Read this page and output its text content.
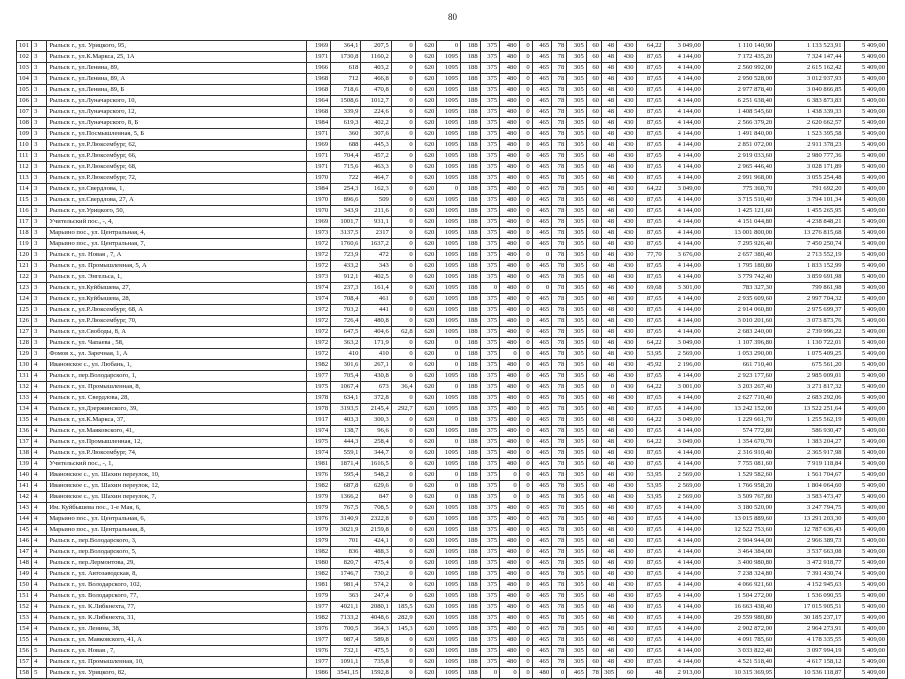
80
101	3	Рыльск г., ул. Урицкого, 95,	1969	364,1	207,5	0	620	0	188	375	480	0	465	78	305	60	48	430	64,22	3 049,00	1 110 140,90	1 133 523,91	5 409,00
102	3	Рыльск г., ул.К.Маркса, 25, 1А	1971	1730,8	1160,2	0	620	1095	188	375	480	0	465	78	305	60	48	430	87,65	4 144,00	7 172 435,20	7 324 147,44	5 409,00
103	3	Рыльск г., ул.Ленина, 89,	1966	618	403,2	0	620	1095	188	375	480	0	465	78	305	60	48	430	87,65	4 144,00	2 560 992,00	2 615 162,42	5 409,00
104	3	Рыльск г., ул.Ленина, 89, А	1968	712	466,8	0	620	1095	188	375	480	0	465	78	305	60	48	430	87,65	4 144,00	2 950 528,00	3 012 937,93	5 409,00
105	3	Рыльск г., ул.Ленина, 89, Б	1968	718,6	470,8	0	620	1095	188	375	480	0	465	78	305	60	48	430	87,65	4 144,00	2 977 878,40	3 040 866,85	5 409,00
106	3	Рыльск г., ул.Луначарского, 10,	1964	1508,6	1012,7	0	620	1095	188	375	480	0	465	78	305	60	48	430	87,65	4 144,00	6 251 638,40	6 383 873,83	5 409,00
107	3	Рыльск г., ул.Луначарского, 12,	1968	339,9	224,6	0	620	1095	188	375	480	0	465	78	305	60	48	430	87,65	4 144,00	1 408 545,60	1 438 339,33	5 409,00
108	3	Рыльск г., ул.Луначарского, 8, Б	1984	619,3	402,2	0	620	1095	188	375	480	0	465	78	305	60	48	430	87,65	4 144,00	2 566 379,20	2 620 662,57	5 409,00
109	3	Рыльск г., ул.Посмышленная, 5, Б	1971	360	307,6	0	620	1095	188	375	480	0	465	78	305	60	48	430	87,65	4 144,00	1 491 840,00	1 523 395,58	5 409,00
110	3	Рыльск г., ул.Р.Люксембург, 62,	1969	688	445,3	0	620	1095	188	375	480	0	465	78	305	60	48	430	87,65	4 144,00	2 851 072,00	2 911 378,23	5 409,00
111	3	Рыльск г., ул.Р.Люксембург, 66,	1971	704,4	457,2	0	620	1095	188	375	480	0	465	78	305	60	48	430	87,65	4 144,00	2 919 033,60	2 980 777,36	5 409,00
112	3	Рыльск г., ул.Р.Люксембург, 68,	1971	715,6	463,3	0	620	1095	188	375	480	0	465	78	305	60	48	430	87,65	4 144,00	2 965 446,40	3 028 171,89	5 409,00
113	3	Рыльск г., ул.Р.Люксембург, 72,	1970	722	464,7	0	620	1095	188	375	480	0	465	78	305	60	48	430	87,65	4 144,00	2 991 968,00	3 055 254,48	5 409,00
114	3	Рыльск г., ул.Свердлова, 1,	1984	254,3	162,3	0	620	0	188	375	480	0	465	78	305	60	48	430	64,22	3 049,00	775 360,70	791 692,20	5 409,00
115	3	Рыльск г., ул.Свердлова, 27, А	1970	896,6	509	0	620	1095	188	375	480	0	465	78	305	60	48	430	87,65	4 144,00	3 715 510,40	3 794 101,34	5 409,00
116	3	Рыльск г., ул.Урицкого, 50,	1970	343,9	211,6	0	620	1095	188	375	480	0	465	78	305	60	48	430	87,65	4 144,00	1 425 121,60	1 455 265,95	5 409,00
117	3	Учительский пос., -, 4,	1969	1001,7	931,1	0	620	1095	188	375	480	0	465	78	305	60	48	430	87,65	4 144,00	4 151 044,80	4 238 848,21	5 409,00
118	3	Марьино пос., ул. Центральная, 4,	1973	3137,5	2317	0	620	1095	188	375	480	0	465	78	305	60	48	430	87,65	4 144,00	13 001 800,00	13 276 815,68	5 409,00
119	3	Марьино пос., ул. Центральная, 7,	1972	1760,6	1637,2	0	620	1095	188	375	480	0	465	78	305	60	48	430	87,65	4 144,00	7 295 926,40	7 450 250,74	5 409,00
120	3	Рыльск г., ул. Новая , 7, А	1972	723,9	472	0	620	1095	188	375	480	0	0	78	305	60	48	430	77,70	3 676,00	2 657 380,40	2 713 552,19	5 409,00
121	3	Рыльск г., ул. Промышленная, 5, А	1972	433,2	343	0	620	1095	188	375	480	0	465	78	305	60	48	430	87,65	4 144,00	1 795 180,80	1 833 152,99	5 409,00
122	3	Рыльск г., ул. Энгельса, 1,	1973	912,1	402,5	0	620	1095	188	375	480	0	465	78	305	60	48	430	87,65	4 144,00	3 779 742,40	3 859 691,98	5 409,00
123	3	Рыльск г., ул.Куйбышева, 27,	1974	237,3	161,4	0	620	1095	188	0	480	0	0	78	305	60	48	430	69,68	3 301,00	783 327,30	799 861,98	5 409,00
124	3	Рыльск г., ул.Куйбышева, 28,	1974	708,4	461	0	620	1095	188	375	480	0	465	78	305	60	48	430	87,65	4 144,00	2 935 609,60	2 997 704,32	5 409,00
125	3	Рыльск г., ул.Р.Люксембург, 68, А	1972	703,2	441	0	620	1095	188	375	480	0	465	78	305	60	48	430	87,65	4 144,00	2 914 060,80	2 975 699,37	5 409,00
126	3	Рыльск г., ул.Р.Люксембург, 70,	1972	726,4	480,8	0	620	1095	188	375	480	0	465	78	305	60	48	430	87,65	4 144,00	3 010 201,60	3 073 873,76	5 409,00
127	3	Рыльск г., ул.Свободы, 8, А	1972	647,5	404,6	62,8	620	1095	188	375	480	0	465	78	305	60	48	430	87,65	4 144,00	2 683 240,00	2 739 996,22	5 409,00
128	3	Рыльск г., ул. Чапаева , 58,	1972	363,2	171,9	0	620	0	188	375	480	0	465	78	305	60	48	430	64,22	3 049,00	1 107 396,80	1 130 722,01	5 409,00
129	3	Фомов х., ул. Заречная, 1, А	1972	410	410	0	620	0	188	375	0	0	465	78	305	60	48	430	53,95	2 569,00	1 053 290,00	1 075 409,25	5 409,00
130	4	Ивановское с., ул. Любань, 1,	1982	301,6	267,1	0	620	0	188	375	480	0	465	78	305	60	48	430	45,92	2 196,00	661 710,40	675 561,20	5 409,00
131	4	Рыльск г., пер.Володарского, 1,	1977	705,4	430,8	0	620	1095	188	375	480	0	465	78	305	60	48	430	87,65	4 144,00	2 923 177,60	2 985 009,01	5 409,00
132	4	Рыльск г., ул. Промышленная, 8,	1975	1067,4	673	36,4	620	0	188	375	480	0	465	78	305	60	0	430	64,22	3 001,00	3 203 267,40	3 271 817,32	5 409,00
133	4	Рыльск г., ул. Свердлова, 28,	1978	634,1	372,8	0	620	1095	188	375	480	0	465	78	305	60	48	430	87,65	4 144,00	2 627 710,40	2 683 292,06	5 409,00
134	4	Рыльск г., ул.Дзержинского, 39,	1978	3193,5	2145,4	292,7	620	1095	188	375	480	0	465	78	305	60	48	430	87,65	4 144,00	13 242 152,00	13 522 251,64	5 409,00
135	4	Рыльск г., ул.К.Маркса, 37,	1917	403,3	300,3	0	620	0	188	375	480	0	465	78	305	60	48	430	64,22	3 049,00	1 229 661,70	1 255 562,19	5 409,00
136	4	Рыльск г., ул.Маяковского, 41,	1974	138,7	96,6	0	620	1095	188	375	480	0	465	78	305	60	48	430	87,65	4 144,00	574 772,80	586 930,47	5 409,00
137	4	Рыльск г., ул.Промышленная, 12,	1975	444,3	258,4	0	620	0	188	375	480	0	465	78	305	60	48	430	64,22	3 049,00	1 354 670,70	1 383 204,27	5 409,00
138	4	Рыльск г., ул.Р.Люксембург, 74,	1974	559,1	344,7	0	620	1095	188	375	480	0	465	78	305	60	48	430	87,65	4 144,00	2 316 910,40	2 365 917,98	5 409,00
139	4	Учительский пос., -, 1,	1981	1871,4	1616,5	0	620	1095	188	375	480	0	465	78	305	60	48	430	87,65	4 144,00	7 755 081,60	7 919 118,84	5 409,00
140	4	Ивановское с., ул. Шахин переулок, 10,	1976	595,4	548,2	0	620	0	188	375	0	0	465	78	305	60	48	430	53,95	2 569,00	1 529 582,60	1 561 704,67	5 409,00
141	4	Ивановское с., ул. Шахин переулок, 12,	1982	687,8	629,6	0	620	0	188	375	0	0	465	78	305	60	48	430	53,95	2 569,00	1 766 958,20	1 804 064,60	5 409,00
142	4	Ивановское с., ул. Шахин переулок, 7,	1979	1366,2	847	0	620	0	188	375	0	0	465	78	305	60	48	430	53,95	2 569,00	3 509 767,80	3 583 473,47	5 409,00
143	4	Им. Куйбышева пос., 1-е Мая, 6,	1979	767,5	708,5	0	620	1095	188	375	480	0	465	78	305	60	48	430	87,65	4 144,00	3 180 520,00	3 247 794,75	5 409,00
144	4	Марьино пос., ул. Центральная, 6,	1976	3140,9	2322,8	0	620	1095	188	375	480	0	465	78	305	60	48	430	87,65	4 144,00	13 015 889,60	13 291 203,30	5 409,00
145	4	Марьино пос., ул. Центральная, 8,	1979	3021,9	2159,8	0	620	1095	188	375	480	0	465	78	305	60	48	430	87,65	4 144,00	12 522 753,60	12 787 636,43	5 409,00
146	4	Рыльск г., пер.Володарского, 3,	1979	701	424,1	0	620	1095	188	375	480	0	465	78	305	60	48	430	87,65	4 144,00	2 904 944,00	2 966 389,73	5 409,00
147	4	Рыльск г., пер.Володарского, 5,	1982	836	488,3	0	620	1095	188	375	480	0	465	78	305	60	48	430	87,65	4 144,00	3 464 384,00	3 537 663,08	5 409,00
148	4	Рыльск г., пер.Лермонтова, 29,	1980	820,7	475,4	0	620	1095	188	375	480	0	465	78	305	60	48	430	87,65	4 144,00	3 400 980,80	3 472 918,77	5 409,00
149	4	Рыльск г., ул. Автозаводская, 8,	1982	1746,7	730,2	0	620	1095	188	375	480	0	465	78	305	60	48	430	87,65	4 144,00	7 238 324,80	7 391 430,74	5 409,00
150	4	Рыльск г., ул. Володарского, 102,	1981	981,4	574,2	0	620	1095	188	375	480	0	465	78	305	60	48	430	87,65	4 144,00	4 066 921,60	4 152 945,63	5 409,00
151	4	Рыльск г., ул. Володарского, 77,	1979	363	247,4	0	620	1095	188	375	480	0	465	78	305	60	48	430	87,65	4 144,00	1 504 272,00	1 536 090,55	5 409,00
152	4	Рыльск г., ул. К.Либкнехта, 77,	1977	4021,1	2080,1	185,5	620	1095	188	375	480	0	465	78	305	60	48	430	87,65	4 144,00	16 663 438,40	17 015 905,51	5 409,00
153	4	Рыльск г., ул. К.Либкнехта, 31,	1982	7133,2	4048,6	282,9	620	1095	188	375	480	0	465	78	305	60	48	430	87,65	4 144,00	29 559 980,80	30 185 237,17	5 409,00
154	4	Рыльск г., ул. Ленина, 38,	1976	700,5	364,3	145,3	620	1095	188	375	480	0	465	78	305	60	48	430	87,65	4 144,00	2 902 872,00	2 964 273,91	5 409,00
155	4	Рыльск г., ул. Маяковского, 41, А	1977	987,4	589,8	0	620	1095	188	375	480	0	465	78	305	60	48	430	87,65	4 144,00	4 091 785,60	4 178 335,55	5 409,00
156	5	Рыльск г., ул. Новая , 7,	1976	732,1	475,5	0	620	1095	188	375	480	0	465	78	305	60	48	430	87,65	4 144,00	3 033 822,40	3 097 994,19	5 409,00
157	4	Рыльск г., ул. Промышленная, 10,	1977	1091,1	735,8	0	620	1095	188	375	480	0	465	78	305	60	48	430	87,65	4 144,00	4 521 518,40	4 617 158,12	5 409,00
158	5	Рыльск г., ул. Урицкого, 82,	1986	3541,15	1592,8	0	620	1095	188	0	0	0	480	0	465	78	305	60	48	2 913,00	10 315 369,95	10 536 118,87	5 409,00
